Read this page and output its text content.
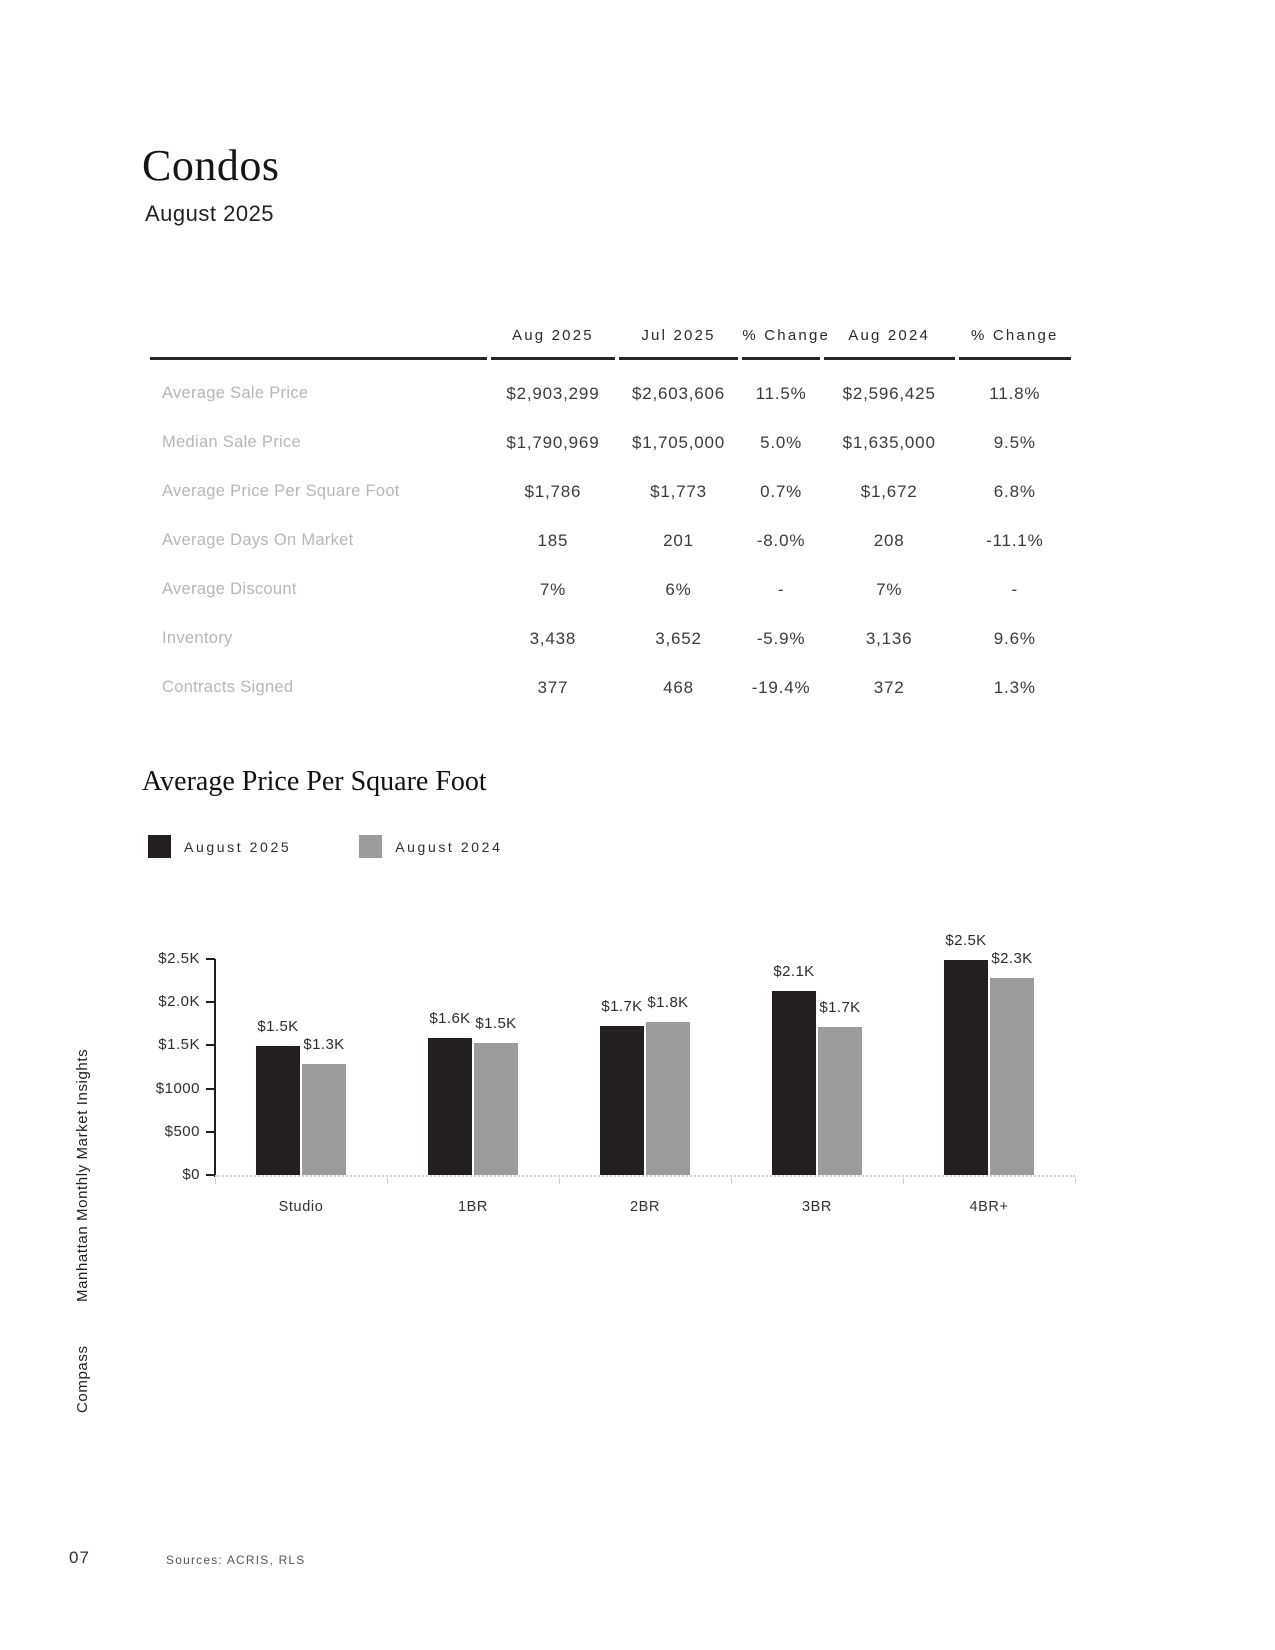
Condos
August 2025
	Aug 2025	Jul 2025	% Change	Aug 2024	% Change
Average Sale Price	$2,903,299	$2,603,606	11.5%	$2,596,425	11.8%
Median Sale Price	$1,790,969	$1,705,000	5.0%	$1,635,000	9.5%
Average Price Per Square Foot	$1,786	$1,773	0.7%	$1,672	6.8%
Average Days On Market	185	201	-8.0%	208	-11.1%
Average Discount	7%	6%	-	7%	-
Inventory	3,438	3,652	-5.9%	3,136	9.6%
Contracts Signed	377	468	-19.4%	372	1.3%
Average Price Per Square Foot
August 2025	August 2024
$2.5K
$2.0K
$1.5K
$1000
$500
$0
$1.5K
$1.3K
Studio
$1.6K $1.5K
1BR
$1.7K $1.8K
2BR
$2.1K
$1.7K
3BR
$2.5K
$2.3K
4BR+
Manhattan Monthly Market Insights
Compass
07	Sources: ACRIS, RLS
